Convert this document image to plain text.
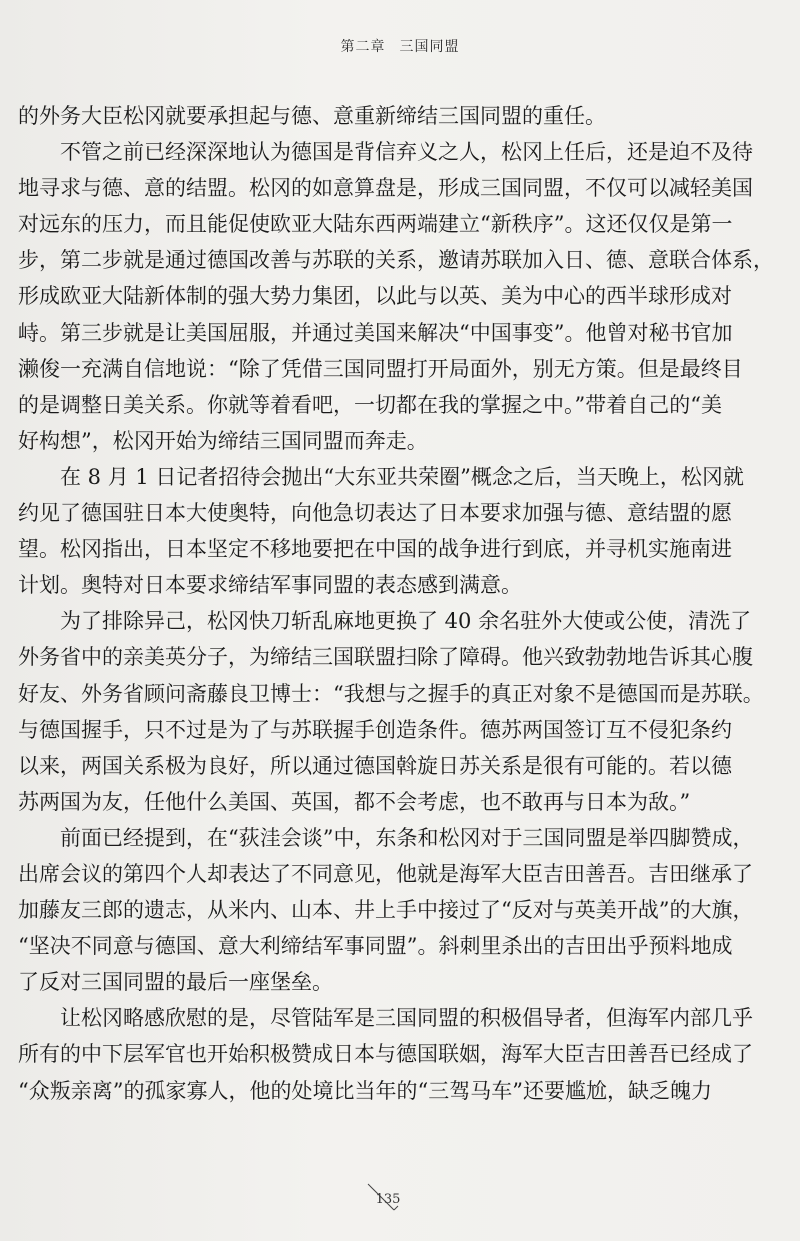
第二章 三国同盟
的外务大臣松冈就要承担起与德、意重新缔结三国同盟的重任。
不管之前已经深深地认为德国是背信弃义之人，松冈上任后，还是迫不及待
地寻求与德、意的结盟。松冈的如意算盘是，形成三国同盟，不仅可以减轻美国
对远东的压力，而且能促使欧亚大陆东西两端建立“新秩序”。这还仅仅是第一
步，第二步就是通过德国改善与苏联的关系，邀请苏联加入日、德、意联合体系，
形成欧亚大陆新体制的强大势力集团，以此与以英、美为中心的西半球形成对
峙。第三步就是让美国屈服，并通过美国来解决“中国事变”。他曾对秘书官加
濑俊一充满自信地说：“除了凭借三国同盟打开局面外，别无方策。但是最终目
的是调整日美关系。你就等着看吧，一切都在我的掌握之中。”带着自己的“美
好构想”，松冈开始为缔结三国同盟而奔走。
在 8 月 1 日记者招待会抛出“大东亚共荣圈”概念之后，当天晚上，松冈就
约见了德国驻日本大使奥特，向他急切表达了日本要求加强与德、意结盟的愿
望。松冈指出，日本坚定不移地要把在中国的战争进行到底，并寻机实施南进
计划。奥特对日本要求缔结军事同盟的表态感到满意。
为了排除异己，松冈快刀斩乱麻地更换了 40 余名驻外大使或公使，清洗了
外务省中的亲美英分子，为缔结三国联盟扫除了障碍。他兴致勃勃地告诉其心腹
好友、外务省顾问斋藤良卫博士：“我想与之握手的真正对象不是德国而是苏联。
与德国握手，只不过是为了与苏联握手创造条件。德苏两国签订互不侵犯条约
以来，两国关系极为良好，所以通过德国斡旋日苏关系是很有可能的。若以德
苏两国为友，任他什么美国、英国，都不会考虑，也不敢再与日本为敌。”
前面已经提到，在“荻洼会谈”中，东条和松冈对于三国同盟是举四脚赞成，
出席会议的第四个人却表达了不同意见，他就是海军大臣吉田善吾。吉田继承了
加藤友三郎的遗志，从米内、山本、井上手中接过了“反对与英美开战”的大旗，
“坚决不同意与德国、意大利缔结军事同盟”。斜刺里杀出的吉田出乎预料地成
了反对三国同盟的最后一座堡垒。
让松冈略感欣慰的是，尽管陆军是三国同盟的积极倡导者，但海军内部几乎
所有的中下层军官也开始积极赞成日本与德国联姻，海军大臣吉田善吾已经成了
“众叛亲离”的孤家寡人，他的处境比当年的“三驾马车”还要尴尬，缺乏魄力
135
